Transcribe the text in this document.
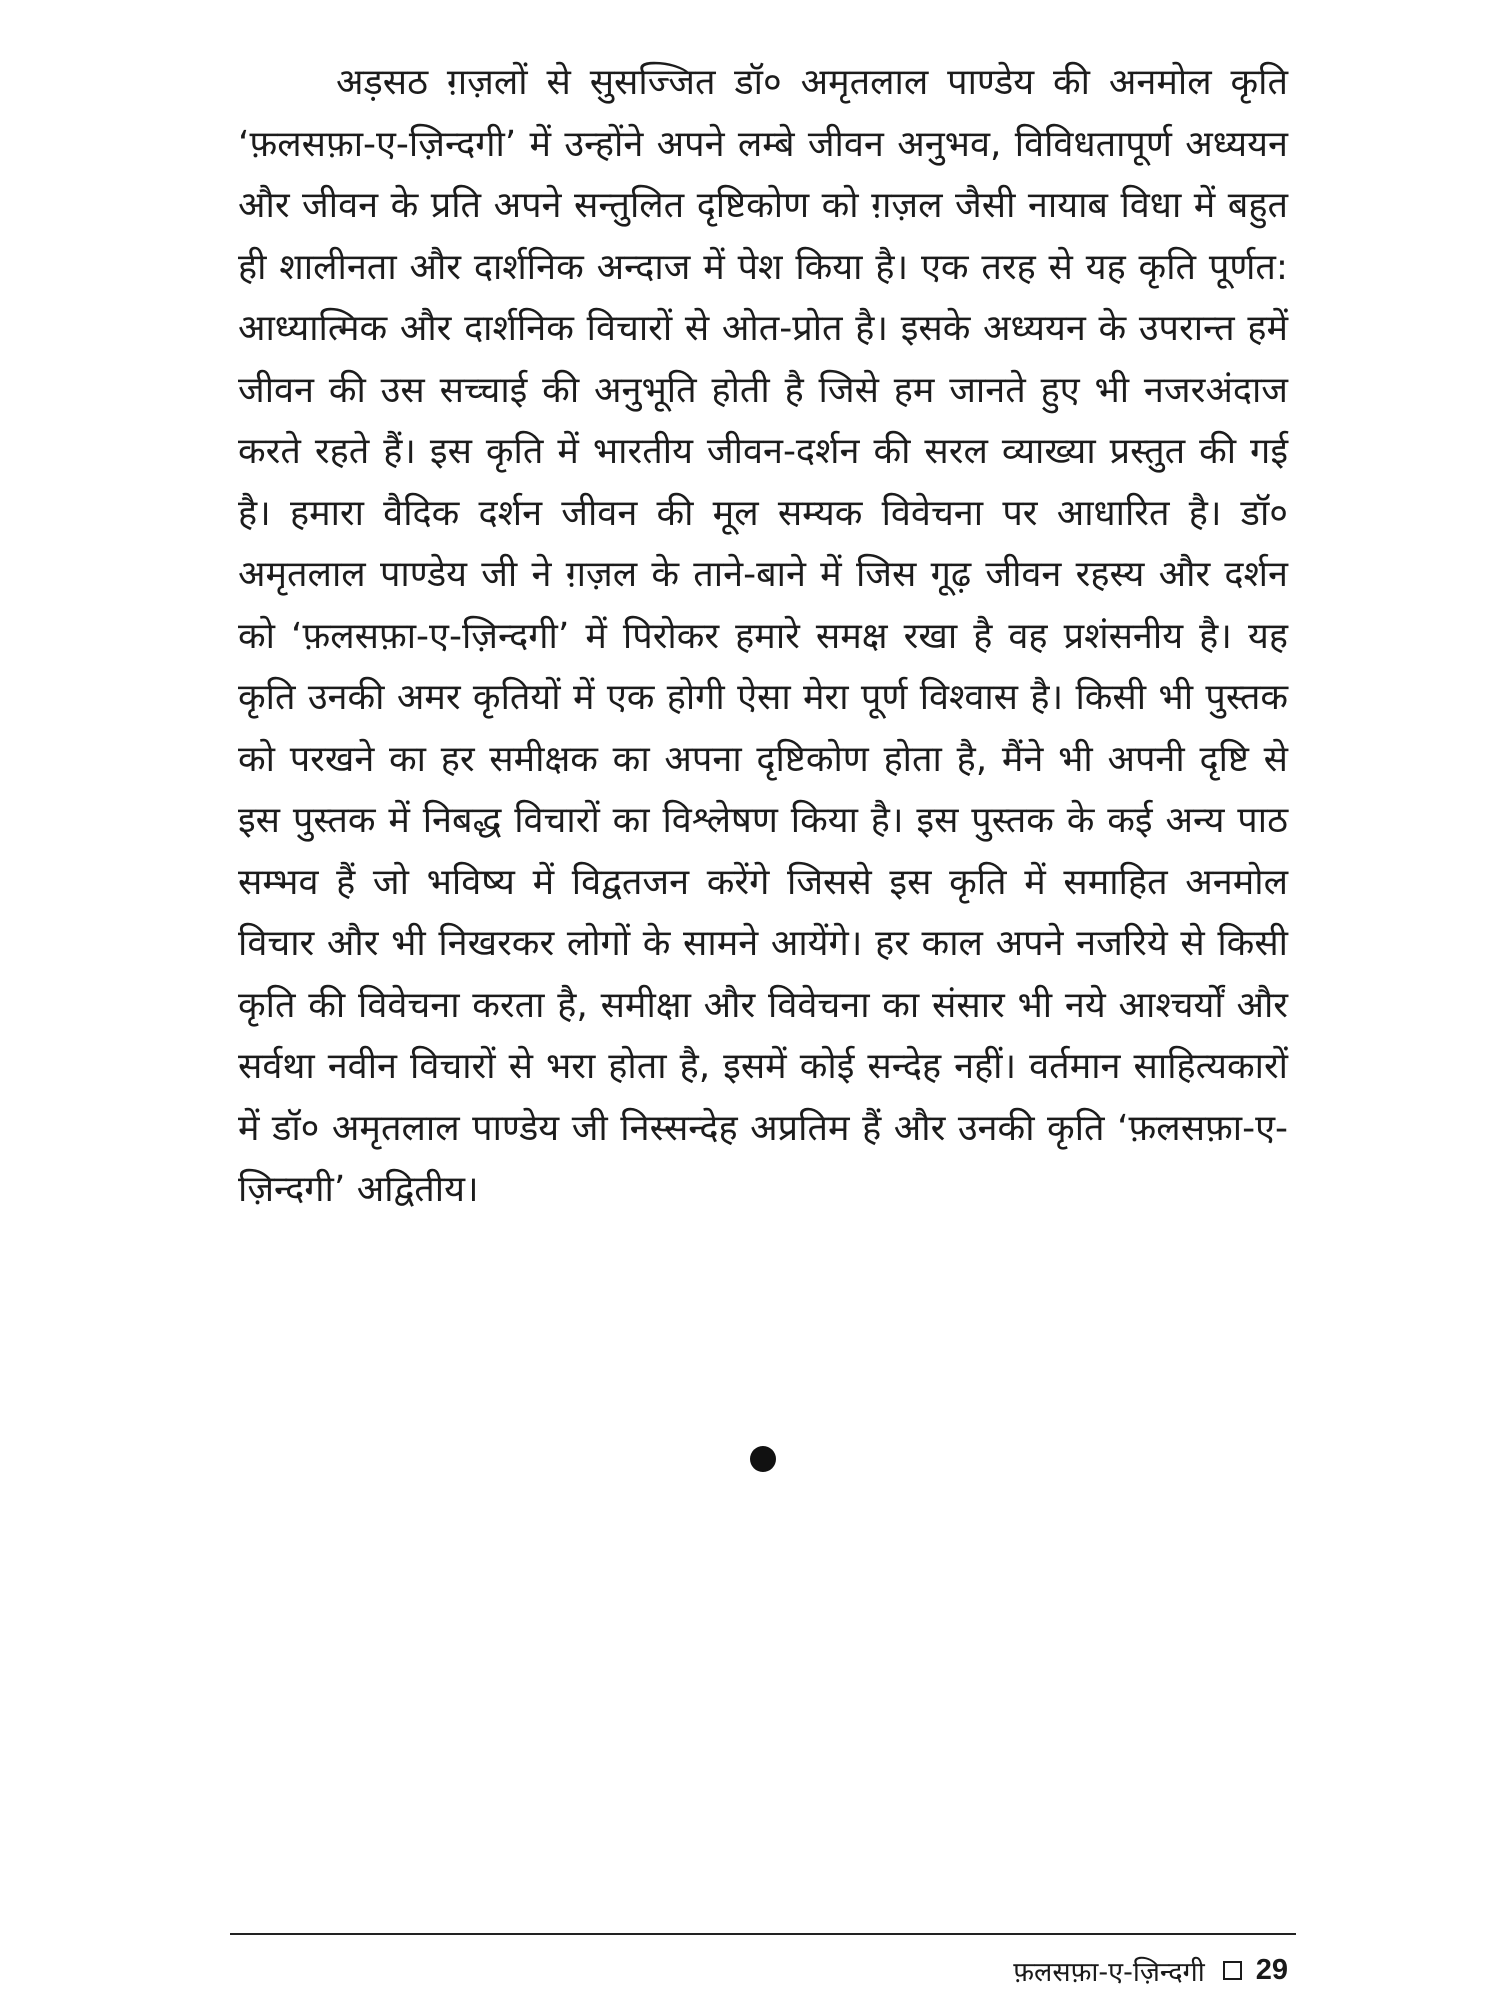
अड़सठ ग़ज़लों से सुसज्जित डॉ० अमृतलाल पाण्डेय की अनमोल कृति ‘फ़लसफ़ा-ए-ज़िन्दगी’ में उन्होंने अपने लम्बे जीवन अनुभव, विविधतापूर्ण अध्ययन और जीवन के प्रति अपने सन्तुलित दृष्टिकोण को ग़ज़ल जैसी नायाब विधा में बहुत ही शालीनता और दार्शनिक अन्दाज में पेश किया है। एक तरह से यह कृति पूर्णत: आध्यात्मिक और दार्शनिक विचारों से ओत-प्रोत है। इसके अध्ययन के उपरान्त हमें जीवन की उस सच्चाई की अनुभूति होती है जिसे हम जानते हुए भी नजरअंदाज करते रहते हैं। इस कृति में भारतीय जीवन-दर्शन की सरल व्याख्या प्रस्तुत की गई है। हमारा वैदिक दर्शन जीवन की मूल सम्यक विवेचना पर आधारित है। डॉ० अमृतलाल पाण्डेय जी ने ग़ज़ल के ताने-बाने में जिस गूढ़ जीवन रहस्य और दर्शन को ‘फ़लसफ़ा-ए-ज़िन्दगी’ में पिरोकर हमारे समक्ष रखा है वह प्रशंसनीय है। यह कृति उनकी अमर कृतियों में एक होगी ऐसा मेरा पूर्ण विश्वास है। किसी भी पुस्तक को परखने का हर समीक्षक का अपना दृष्टिकोण होता है, मैंने भी अपनी दृष्टि से इस पुस्तक में निबद्ध विचारों का विश्लेषण किया है। इस पुस्तक के कई अन्य पाठ सम्भव हैं जो भविष्य में विद्वतजन करेंगे जिससे इस कृति में समाहित अनमोल विचार और भी निखरकर लोगों के सामने आयेंगे। हर काल अपने नजरिये से किसी कृति की विवेचना करता है, समीक्षा और विवेचना का संसार भी नये आश्चर्यों और सर्वथा नवीन विचारों से भरा होता है, इसमें कोई सन्देह नहीं। वर्तमान साहित्यकारों में डॉ० अमृतलाल पाण्डेय जी निस्सन्देह अप्रतिम हैं और उनकी कृति ‘फ़लसफ़ा-ए-ज़िन्दगी’ अद्वितीय।

फ़लसफ़ा-ए-ज़िन्दगी 29
